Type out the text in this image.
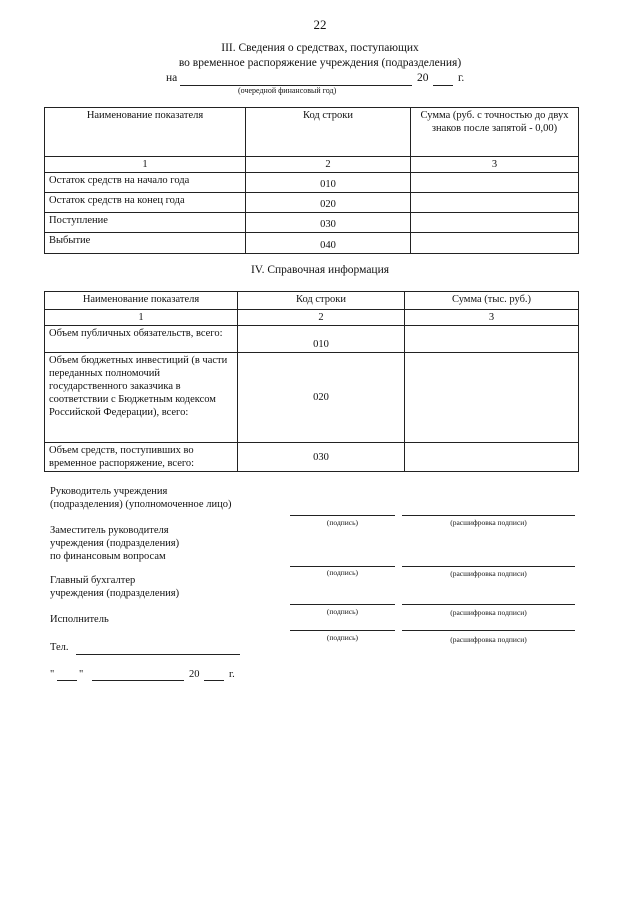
22
III. Сведения о средствах, поступающих
во временное распоряжение учреждения (подразделения)
на	20	г.
(очередной финансовый год)
Наименование показателя	Код строки	Сумма (руб. с точностью до двух знаков после запятой - 0,00)
1	2	3
Остаток средств на начало года	010	
Остаток средств на конец года	020	
Поступление	030	
Выбытие	040	
IV. Справочная информация
Наименование показателя	Код строки	Сумма (тыс. руб.)
1	2	3
Объем публичных обязательств, всего:	010	
Объем бюджетных инвестиций (в части переданных полномочий государственного заказчика в соответствии с Бюджетным кодексом Российской Федерации), всего:	020	
Объем средств, поступивших во временное распоряжение, всего:	030	
Руководитель учреждения
(подразделения) (уполномоченное лицо)
(подпись)	(расшифровка подписи)
Заместитель руководителя
учреждения (подразделения)
по финансовым вопросам
(подпись)	(расшифровка подписи)
Главный бухгалтер
учреждения (подразделения)
(подпись)	(расшифровка подписи)
Исполнитель
(подпись)	(расшифровка подписи)
Тел.
" "	20	г.
